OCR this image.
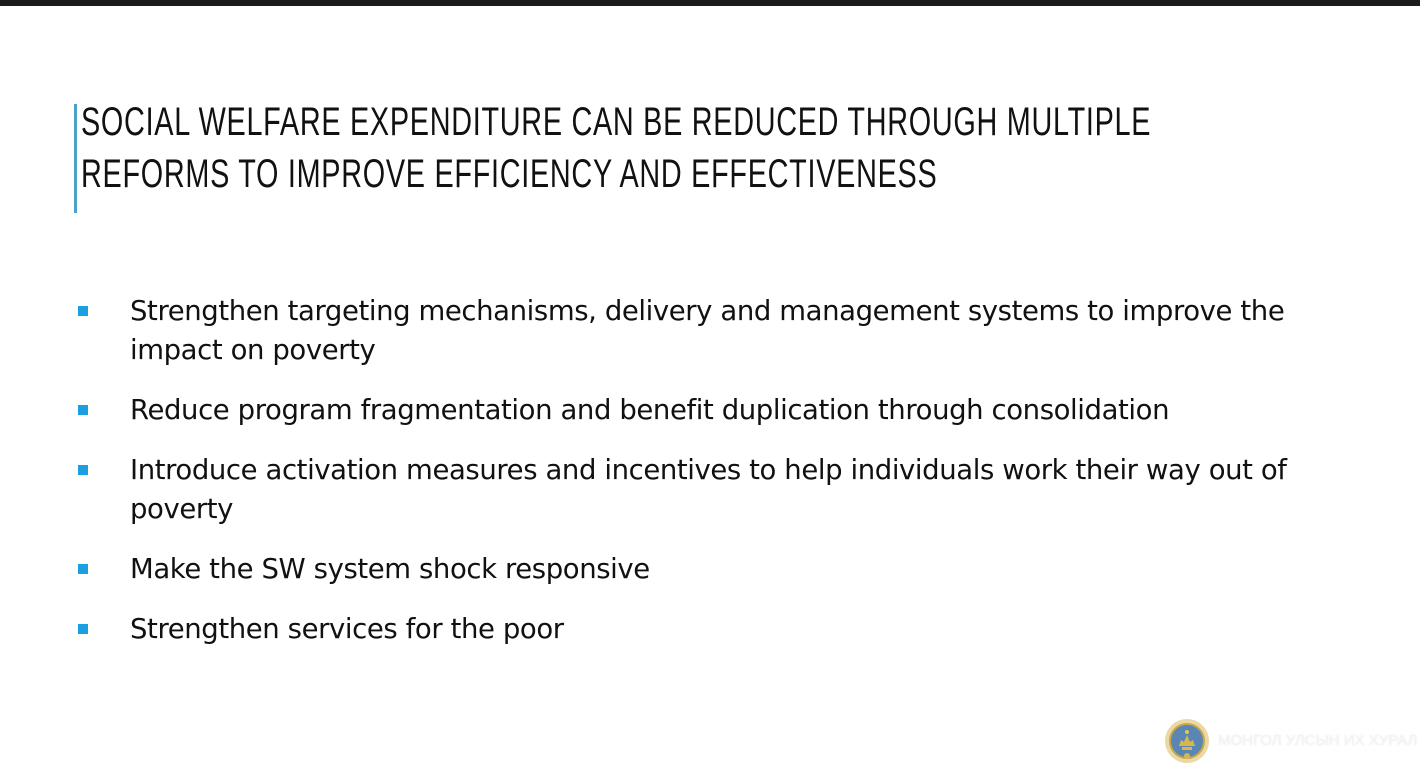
SOCIAL WELFARE EXPENDITURE CAN BE REDUCED THROUGH MULTIPLE
REFORMS TO IMPROVE EFFICIENCY AND EFFECTIVENESS
Strengthen targeting mechanisms, delivery and management systems to improve the impact on poverty
Reduce program fragmentation and benefit duplication through consolidation
Introduce activation measures and incentives to help individuals work their way out of poverty
Make the SW system shock responsive
Strengthen services for the poor
МОНГОЛ УЛСЫН ИХ ХУРАЛ
